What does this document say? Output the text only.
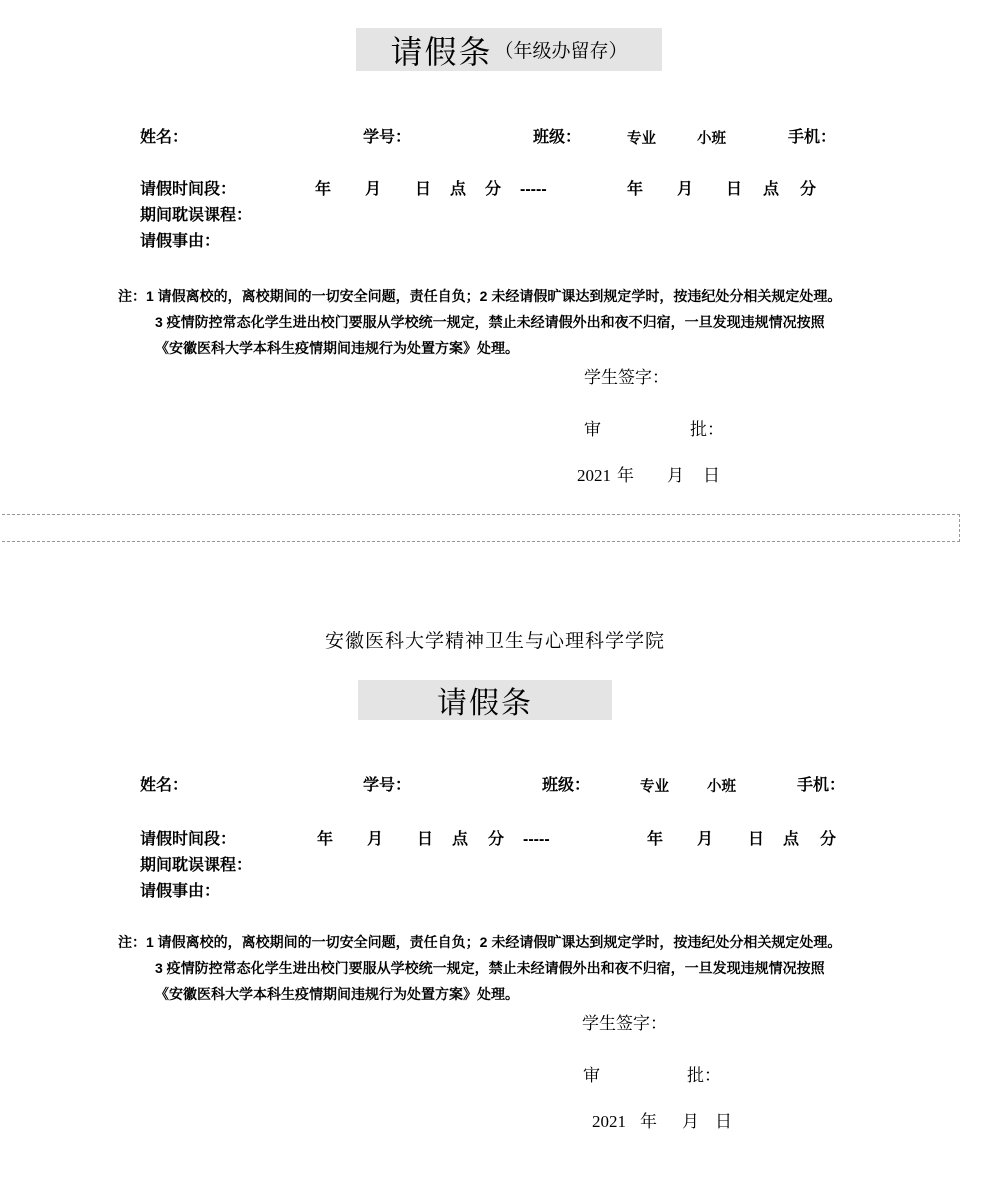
请假条 （年级办留存）
姓名：	学号：	班级：	专业	小班	手机：
请假时间段：	年 月 日 点 分 -----	年 月 日 点 分
期间耽误课程：
请假事由：
注：1 请假离校的，离校期间的一切安全问题，责任自负；2 未经请假旷课达到规定学时，按违纪处分相关规定处理。
3 疫情防控常态化学生进出校门要服从学校统一规定，禁止未经请假外出和夜不归宿，一旦发现违规情况按照
《安徽医科大学本科生疫情期间违规行为处置方案》处理。
学生签字：
审	批：
2021 年 月 日
安徽医科大学精神卫生与心理科学学院
请假条
姓名：	学号：	班级：	专业	小班	手机：
请假时间段：	年 月 日 点 分 -----	年 月 日 点 分
期间耽误课程：
请假事由：
注：1 请假离校的，离校期间的一切安全问题，责任自负；2 未经请假旷课达到规定学时，按违纪处分相关规定处理。
3 疫情防控常态化学生进出校门要服从学校统一规定，禁止未经请假外出和夜不归宿，一旦发现违规情况按照
《安徽医科大学本科生疫情期间违规行为处置方案》处理。
学生签字：
审	批：
2021 年 月 日
